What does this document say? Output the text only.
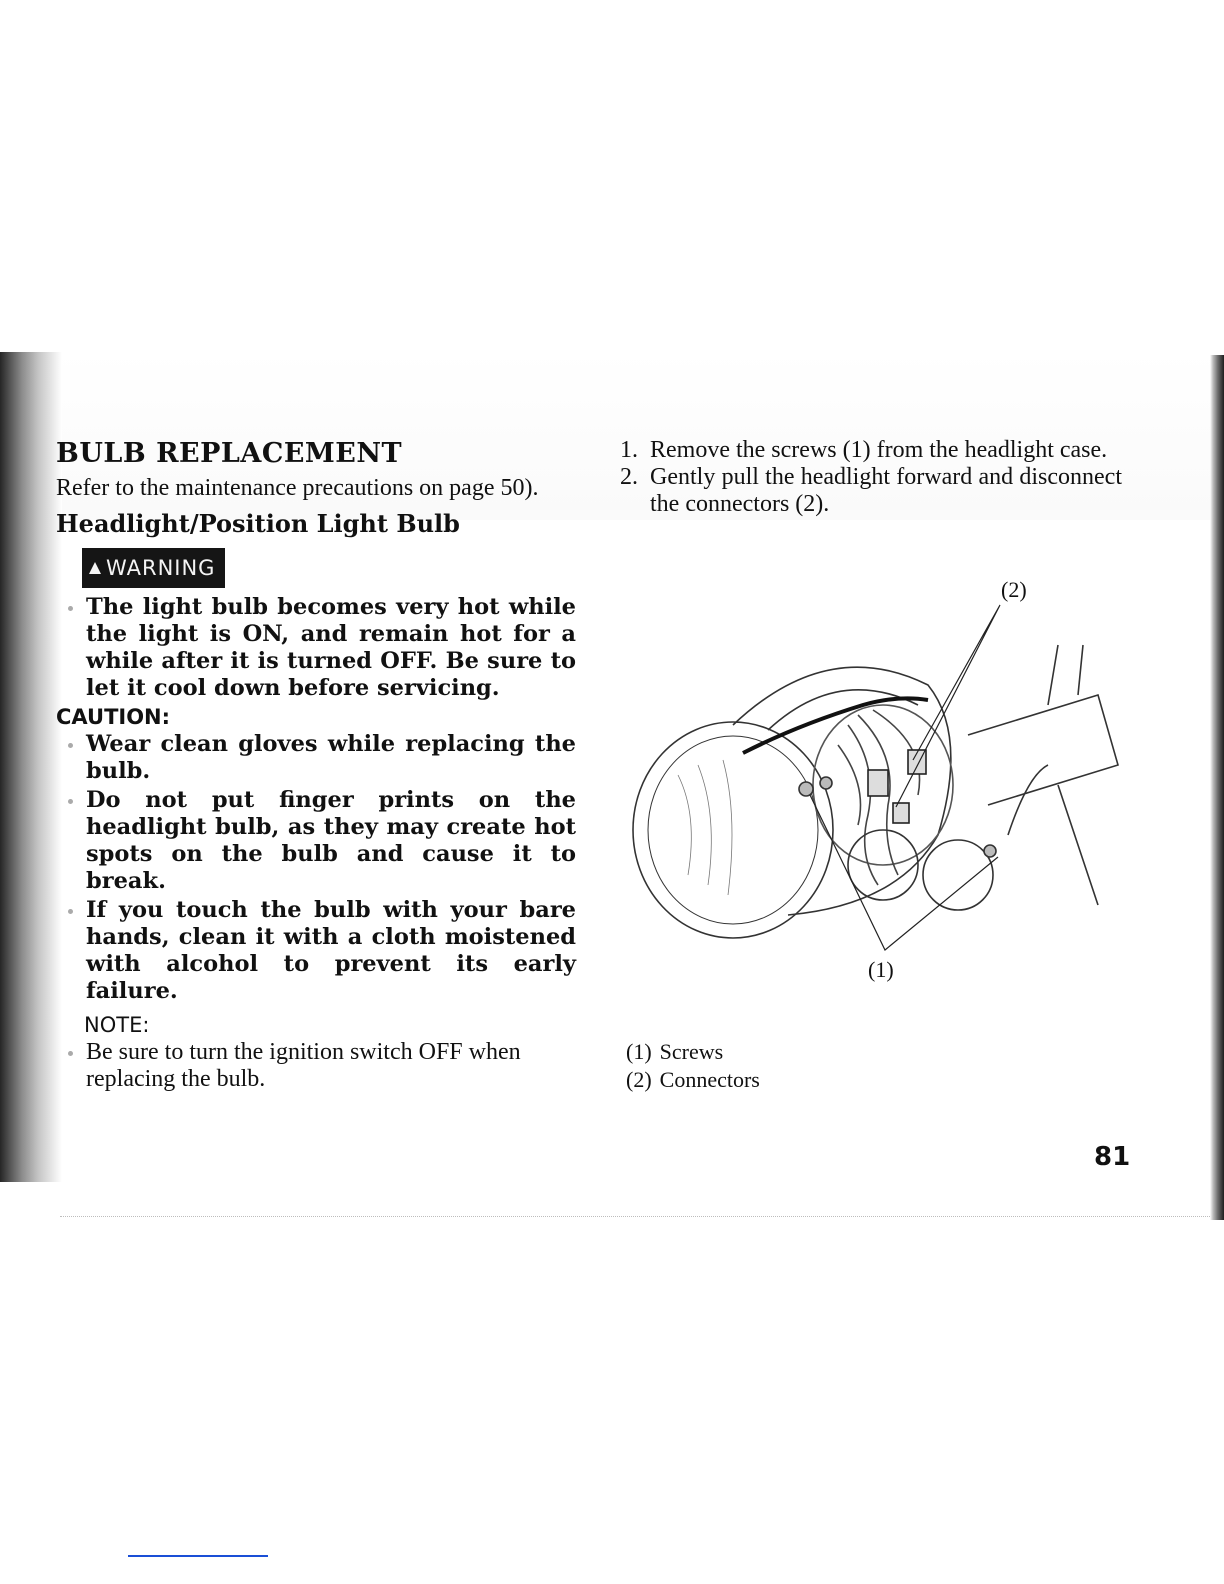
BULB REPLACEMENT

Refer to the maintenance precautions on page 50).

Headlight/Position Light Bulb
WARNING

The light bulb becomes very hot while the light is ON, and remain hot for a while after it is turned OFF. Be sure to let it cool down before servicing.

CAUTION:

Wear clean gloves while replacing the bulb.

Do not put finger prints on the headlight bulb, as they may create hot spots on the bulb and cause it to break.

If you touch the bulb with your bare hands, clean it with a cloth moistened with alcohol to prevent its early failure.

NOTE:

Be sure to turn the ignition switch OFF when replacing the bulb.

1. Remove the screws (1) from the headlight case.
2. Gently pull the headlight forward and disconnect the connectors (2).
(2)
(1)
(1) Screws
(2) Connectors
81
